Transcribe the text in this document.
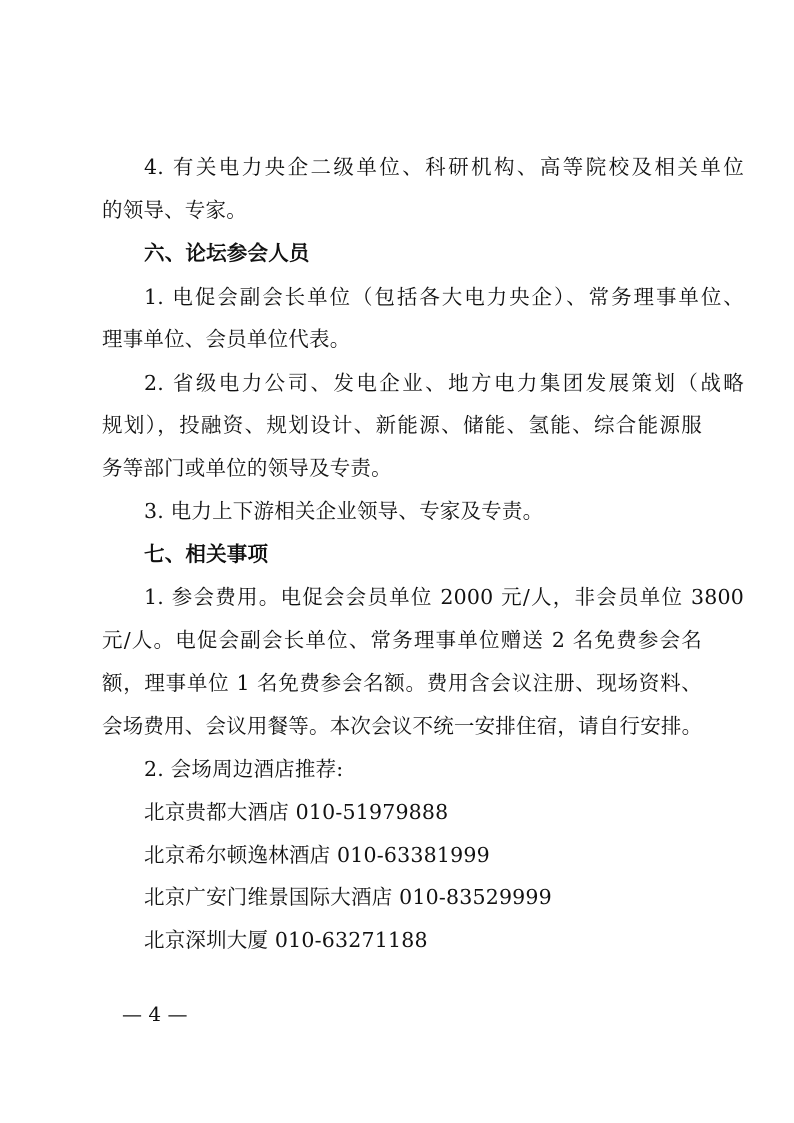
4. 有关电力央企二级单位、科研机构、高等院校及相关单位
的领导、专家。
六、论坛参会人员
1. 电促会副会长单位（包括各大电力央企）、常务理事单位、
理事单位、会员单位代表。
2. 省级电力公司、发电企业、地方电力集团发展策划（战略
规划），投融资、规划设计、新能源、储能、氢能、综合能源服
务等部门或单位的领导及专责。
3. 电力上下游相关企业领导、专家及专责。
七、相关事项
1. 参会费用。电促会会员单位 2000 元/人，非会员单位 3800
元/人。电促会副会长单位、常务理事单位赠送 2 名免费参会名
额，理事单位 1 名免费参会名额。费用含会议注册、现场资料、
会场费用、会议用餐等。本次会议不统一安排住宿，请自行安排。
2. 会场周边酒店推荐:
北京贵都大酒店 010-51979888
北京希尔顿逸林酒店 010-63381999
北京广安门维景国际大酒店 010-83529999
北京深圳大厦 010-63271188
— 4 —
